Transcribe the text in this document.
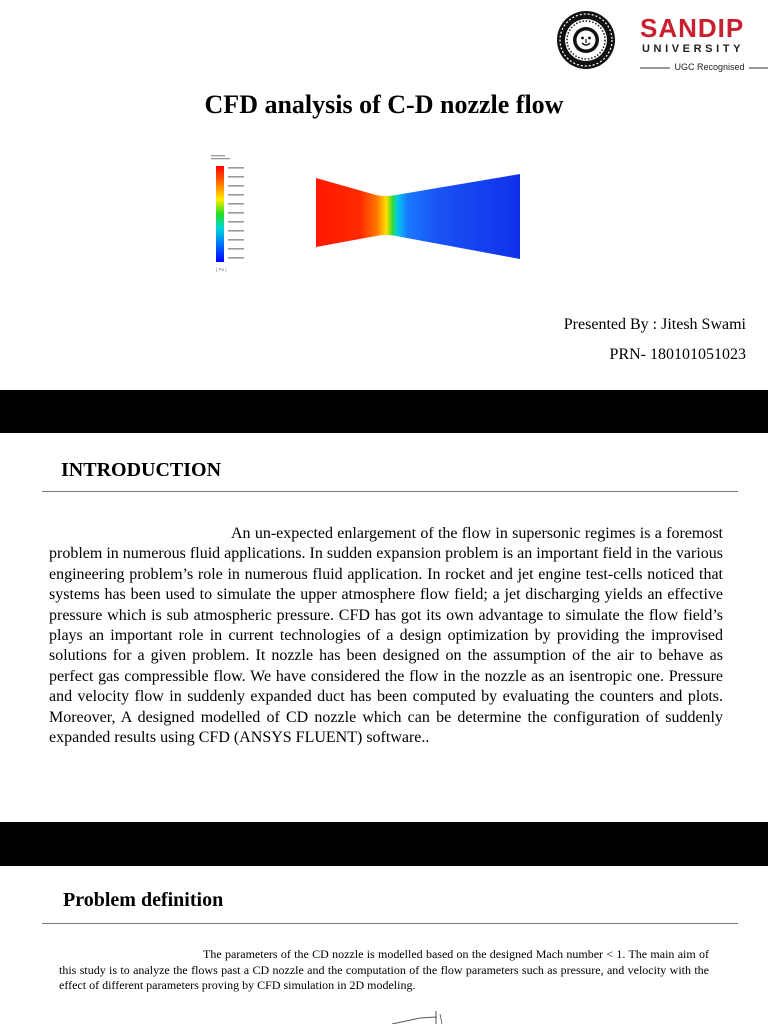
SANDIP
UNIVERSITY
UGC Recognised
CFD analysis of C-D nozzle flow
[ Pa ]
Presented By : Jitesh Swami
PRN- 180101051023
INTRODUCTION

An un-expected enlargement of the flow in supersonic regimes is a foremost problem in numerous fluid applications. In sudden expansion problem is an important field in the various engineering problem’s role in numerous fluid application. In rocket and jet engine test-cells noticed that systems has been used to simulate the upper atmosphere flow field; a jet discharging yields an effective pressure which is sub atmospheric pressure. CFD has got its own advantage to simulate the flow field’s plays an important role in current technologies of a design optimization by providing the improvised solutions for a given problem. It nozzle has been designed on the assumption of the air to behave as perfect gas compressible flow. We have considered the flow in the nozzle as an isentropic one. Pressure and velocity flow in suddenly expanded duct has been computed by evaluating the counters and plots. Moreover, A designed modelled of CD nozzle which can be determine the configuration of suddenly expanded results using CFD (ANSYS FLUENT) software..

Problem definition

The parameters of the CD nozzle is modelled based on the designed Mach number < 1. The main aim of this study is to analyze the flows past a CD nozzle and the computation of the flow parameters such as pressure, and velocity with the effect of different parameters proving by CFD simulation in 2D modeling.
